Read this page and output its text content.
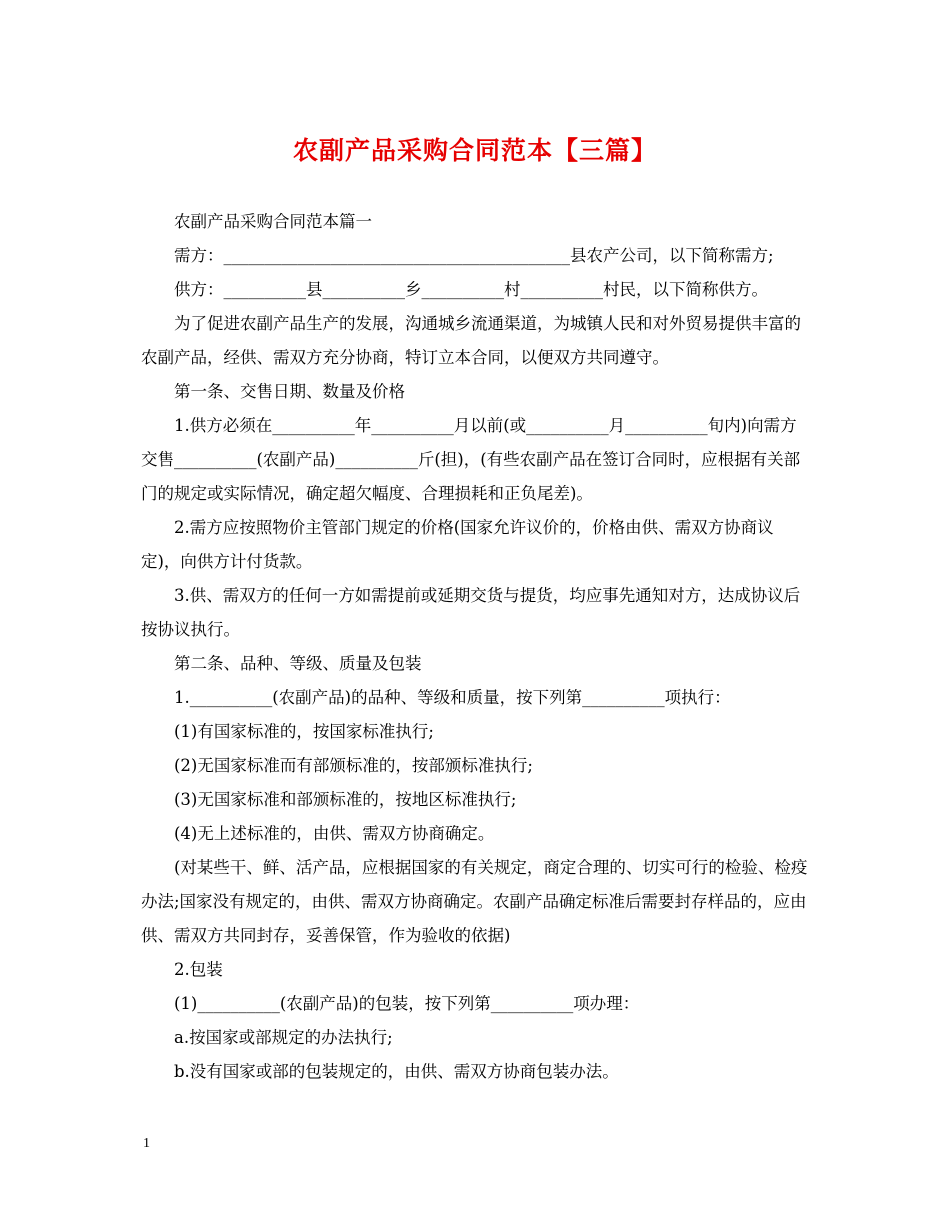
农副产品采购合同范本【三篇】

农副产品采购合同范本篇一

需方：__________________________________________县农产公司，以下简称需方;

供方：__________县__________乡__________村__________村民，以下简称供方。

为了促进农副产品生产的发展，沟通城乡流通渠道，为城镇人民和对外贸易提供丰富的农副产品，经供、需双方充分协商，特订立本合同，以便双方共同遵守。

第一条、交售日期、数量及价格

1.供方必须在__________年__________月以前(或__________月__________旬内)向需方交售__________(农副产品)__________斤(担)，(有些农副产品在签订合同时，应根据有关部门的规定或实际情况，确定超欠幅度、合理损耗和正负尾差)。

2.需方应按照物价主管部门规定的价格(国家允许议价的，价格由供、需双方协商议定)，向供方计付货款。

3.供、需双方的任何一方如需提前或延期交货与提货，均应事先通知对方，达成协议后按协议执行。

第二条、品种、等级、质量及包装

1.__________(农副产品)的品种、等级和质量，按下列第__________项执行：

(1)有国家标准的，按国家标准执行;

(2)无国家标准而有部颁标准的，按部颁标准执行;

(3)无国家标准和部颁标准的，按地区标准执行;

(4)无上述标准的，由供、需双方协商确定。

(对某些干、鲜、活产品，应根据国家的有关规定，商定合理的、切实可行的检验、检疫办法;国家没有规定的，由供、需双方协商确定。农副产品确定标准后需要封存样品的，应由供、需双方共同封存，妥善保管，作为验收的依据)

2.包装

(1)__________(农副产品)的包装，按下列第__________项办理：

a.按国家或部规定的办法执行;

b.没有国家或部的包装规定的，由供、需双方协商包装办法。

1
